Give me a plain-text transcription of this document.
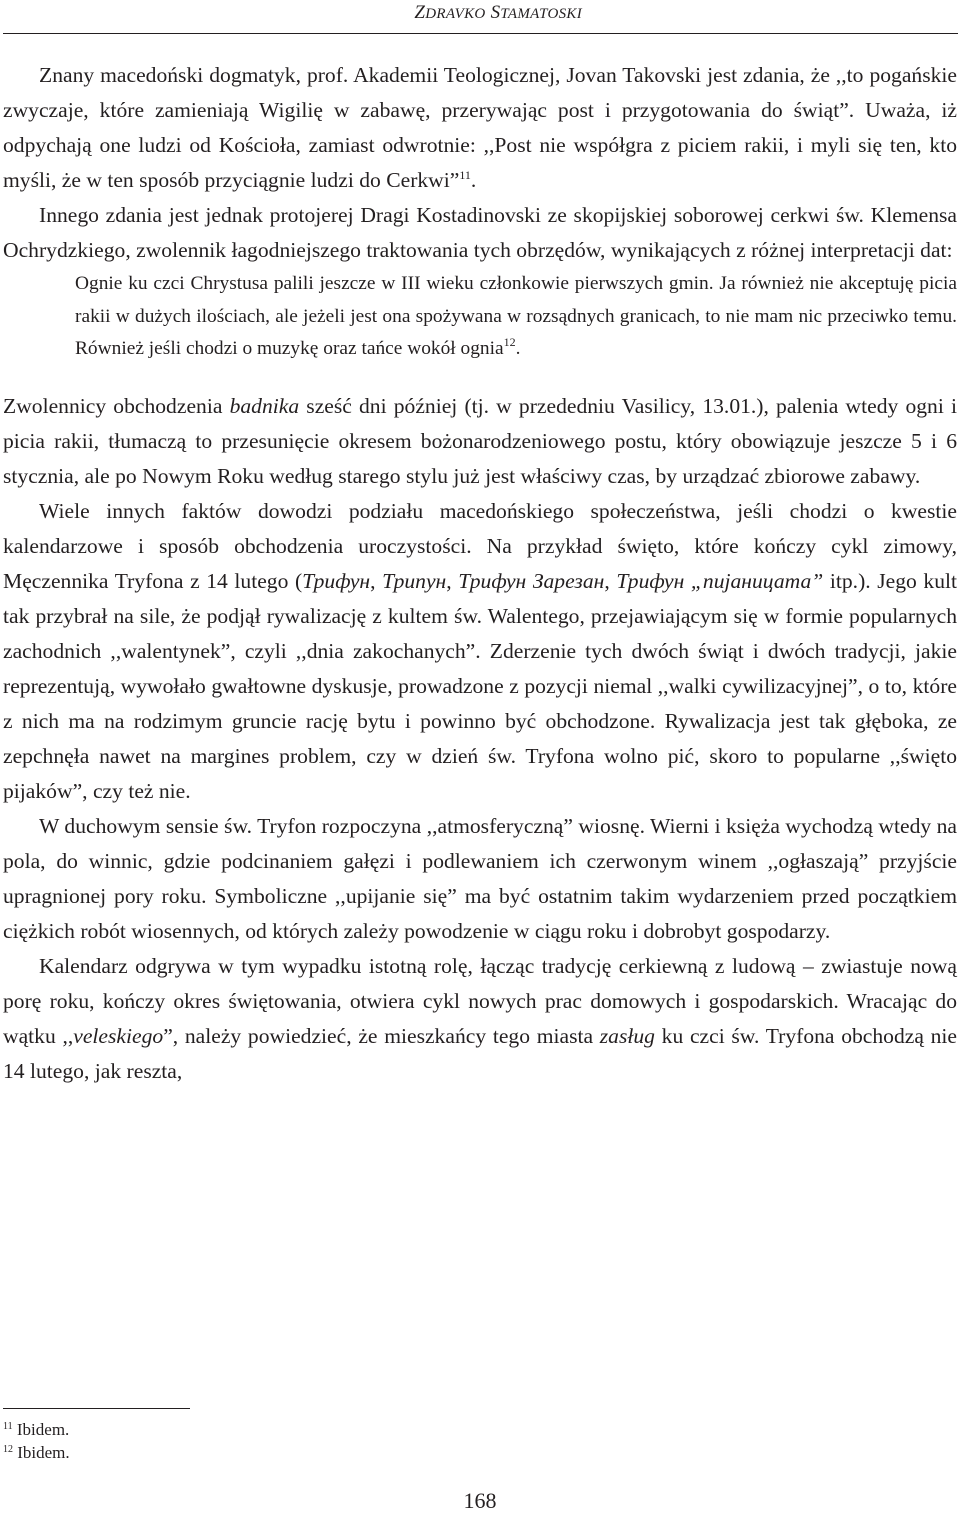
ZDRAVKO STAMATOSKI

Znany macedoński dogmatyk, prof. Akademii Teologicznej, Jovan Takovski jest zdania, że ,,to pogańskie zwyczaje, które zamieniają Wigilię w zabawę, przerywając post i przygotowania do świąt”. Uważa, iż odpychają one ludzi od Kościoła, zamiast odwrotnie: ,,Post nie współgra z piciem rakii, i myli się ten, kto myśli, że w ten sposób przyciągnie ludzi do Cerkwi”$^{11}$.

Innego zdania jest jednak protojerej Dragi Kostadinovski ze skopijskiej soborowej cerkwi św. Klemensa Ochrydzkiego, zwolennik łagodniejszego traktowania tych obrzędów, wynikających z różnej interpretacji dat:

Ognie ku czci Chrystusa palili jeszcze w III wieku członkowie pierwszych gmin. Ja również nie akceptuję picia rakii w dużych ilościach, ale jeżeli jest ona spożywana w rozsądnych granicach, to nie mam nic przeciwko temu. Również jeśli chodzi o muzykę oraz tańce wokół ognia$^{12}$.

Zwolennicy obchodzenia badnika sześć dni później (tj. w przededniu Vasilicy, 13.01.), palenia wtedy ogni i picia rakii, tłumaczą to przesunięcie okresem bożonarodzeniowego postu, który obowiązuje jeszcze 5 i 6 stycznia, ale po Nowym Roku według starego stylu już jest właściwy czas, by urządzać zbiorowe zabawy.

Wiele innych faktów dowodzi podziału macedońskiego społeczeństwa, jeśli chodzi o kwestie kalendarzowe i sposób obchodzenia uroczystości. Na przykład święto, które kończy cykl zimowy, Męczennika Tryfona z 14 lutego (Трифун, Трипун, Трифун Зарезан, Трифун „пијаницата” itp.). Jego kult tak przybrał na sile, że podjął rywalizację z kultem św. Walentego, przejawiającym się w formie popularnych zachodnich ,,walentynek”, czyli ,,dnia zakochanych”. Zderzenie tych dwóch świąt i dwóch tradycji, jakie reprezentują, wywołało gwałtowne dyskusje, prowadzone z pozycji niemal ,,walki cywilizacyjnej”, o to, które z nich ma na rodzimym gruncie rację bytu i powinno być obchodzone. Rywalizacja jest tak głęboka, ze zepchnęła nawet na margines problem, czy w dzień św. Tryfona wolno pić, skoro to popularne ,,święto pijaków”, czy też nie.

W duchowym sensie św. Tryfon rozpoczyna ,,atmosferyczną” wiosnę. Wierni i księża wychodzą wtedy na pola, do winnic, gdzie podcinaniem gałęzi i podlewaniem ich czerwonym winem ,,ogłaszają” przyjście upragnionej pory roku. Symboliczne ,,upijanie się” ma być ostatnim takim wydarzeniem przed początkiem ciężkich robót wiosennych, od których zależy powodzenie w ciągu roku i dobrobyt gospodarzy.

Kalendarz odgrywa w tym wypadku istotną rolę, łącząc tradycję cerkiewną z ludową – zwiastuje nową porę roku, kończy okres świętowania, otwiera cykl nowych prac domowych i gospodarskich. Wracając do wątku ,,veleskiego”, należy powiedzieć, że mieszkańcy tego miasta zasług ku czci św. Tryfona obchodzą nie 14 lutego, jak reszta,

$^{11}$ Ibidem.
$^{12}$ Ibidem.
168
